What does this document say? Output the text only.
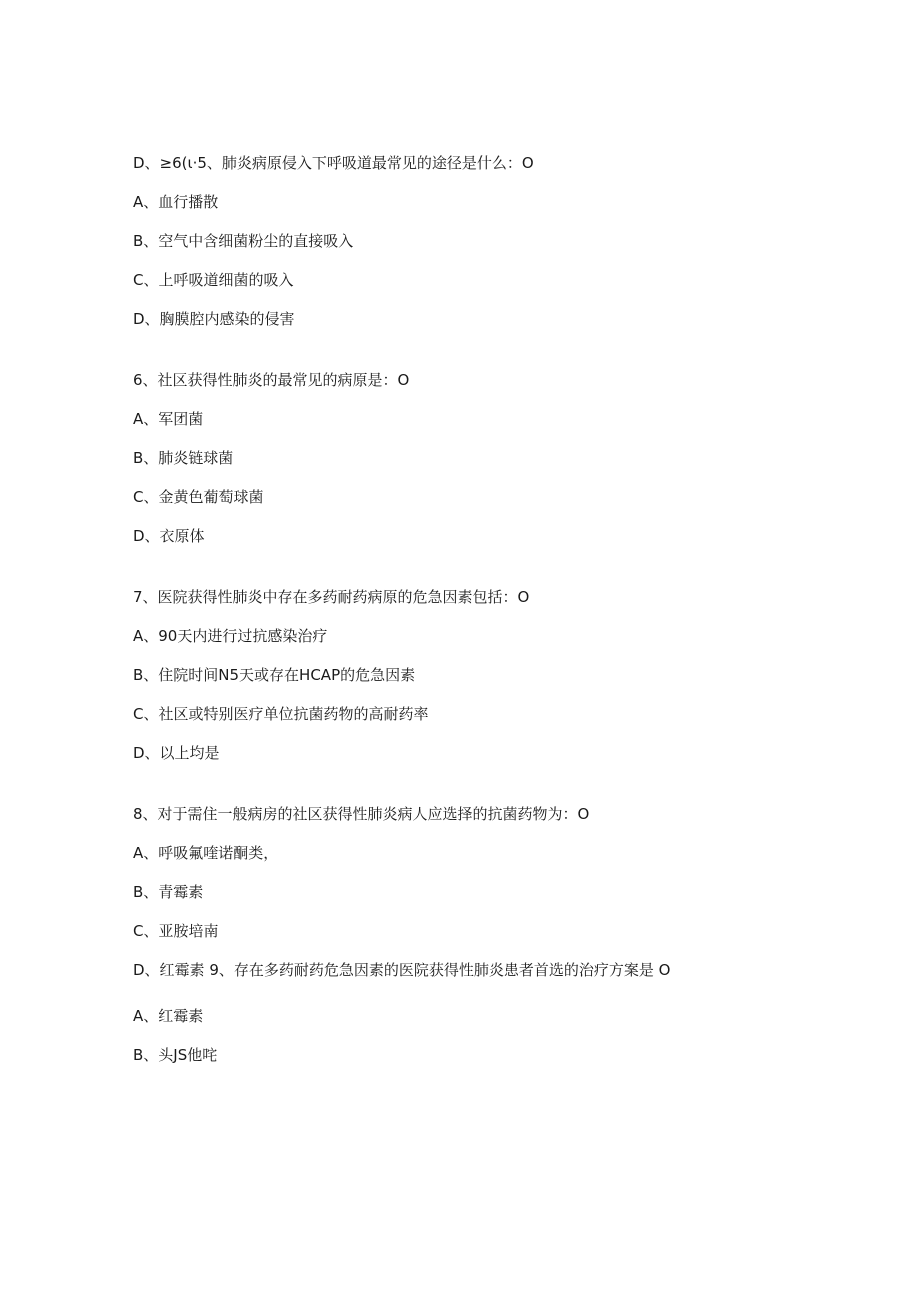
D、≥6(ι·5、肺炎病原侵入下呼吸道最常见的途径是什么：O
A、血行播散
B、空气中含细菌粉尘的直接吸入
C、上呼吸道细菌的吸入
D、胸膜腔内感染的侵害
6、社区获得性肺炎的最常见的病原是：O
A、军团菌
B、肺炎链球菌
C、金黄色葡萄球菌
D、衣原体
7、医院获得性肺炎中存在多药耐药病原的危急因素包括：O
A、90天内进行过抗感染治疗
B、住院时间N5天或存在HCAP的危急因素
C、社区或特别医疗单位抗菌药物的高耐药率
D、以上均是
8、对于需住一般病房的社区获得性肺炎病人应选择的抗菌药物为：O
A、呼吸氟喹诺酮类，
B、青霉素
C、亚胺培南
D、红霉素 9、存在多药耐药危急因素的医院获得性肺炎患者首选的治疗方案是 O
A、红霉素
B、头JS他咤
